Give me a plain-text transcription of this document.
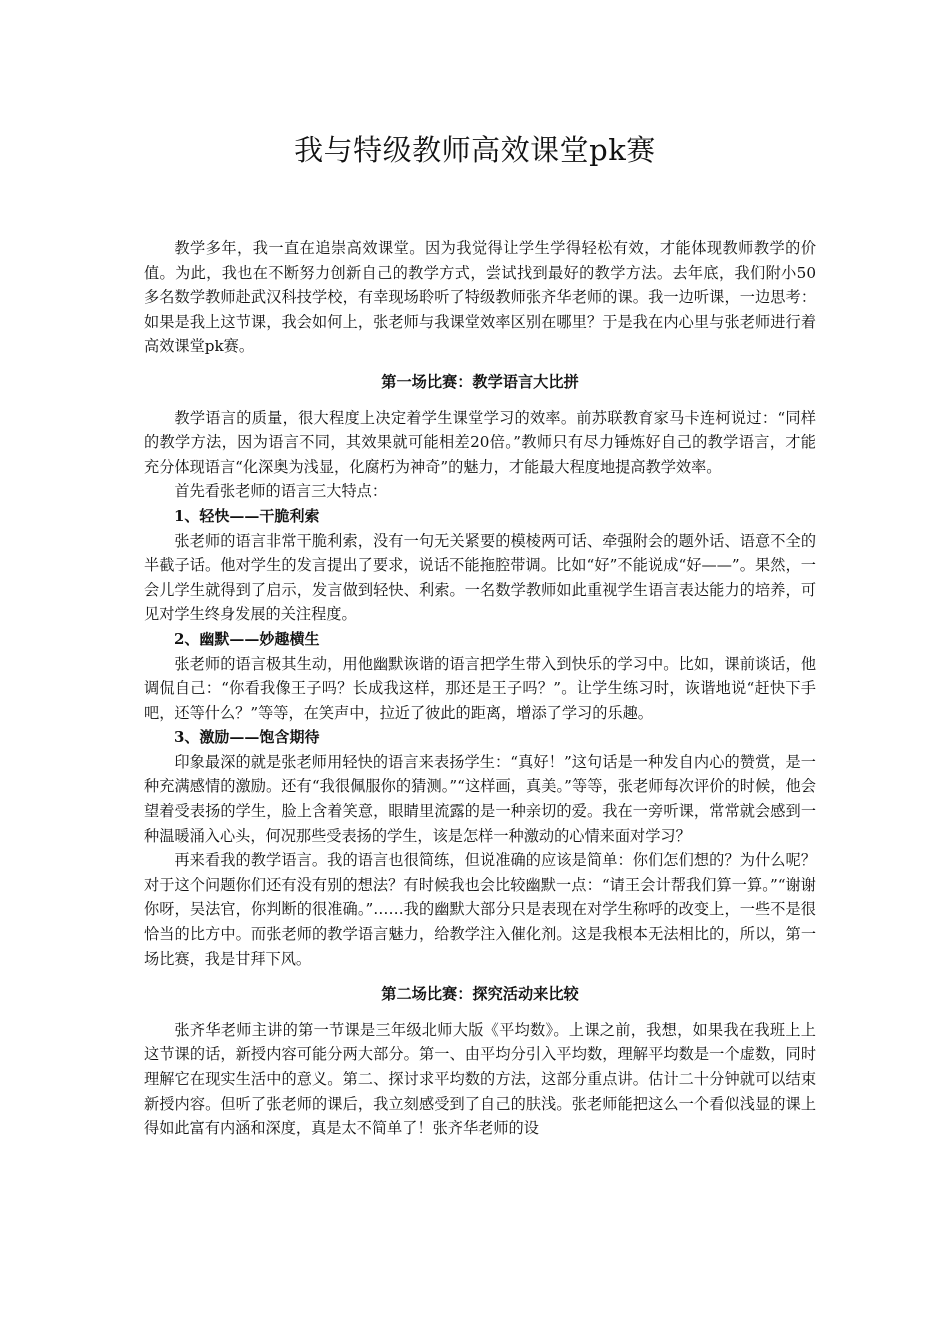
我与特级教师高效课堂pk赛

教学多年，我一直在追崇高效课堂。因为我觉得让学生学得轻松有效，才能体现教师教学的价值。为此，我也在不断努力创新自己的教学方式，尝试找到最好的教学方法。去年底，我们附小50多名数学教师赴武汉科技学校，有幸现场聆听了特级教师张齐华老师的课。我一边听课，一边思考：如果是我上这节课，我会如何上，张老师与我课堂效率区别在哪里？于是我在内心里与张老师进行着高效课堂pk赛。

第一场比赛：教学语言大比拼

教学语言的质量，很大程度上决定着学生课堂学习的效率。前苏联教育家马卡连柯说过：“同样的教学方法，因为语言不同，其效果就可能相差20倍。”教师只有尽力锤炼好自己的教学语言，才能充分体现语言“化深奥为浅显，化腐朽为神奇”的魅力，才能最大程度地提高教学效率。

首先看张老师的语言三大特点：

1、轻快——干脆利索

张老师的语言非常干脆利索，没有一句无关紧要的模棱两可话、牵强附会的题外话、语意不全的半截子话。他对学生的发言提出了要求，说话不能拖腔带调。比如“好”不能说成“好——”。果然，一会儿学生就得到了启示，发言做到轻快、利索。一名数学教师如此重视学生语言表达能力的培养，可见对学生终身发展的关注程度。

2、幽默——妙趣横生

张老师的语言极其生动，用他幽默诙谐的语言把学生带入到快乐的学习中。比如，课前谈话，他调侃自己：“你看我像王子吗？长成我这样，那还是王子吗？”。让学生练习时，诙谐地说“赶快下手吧，还等什么？”等等，在笑声中，拉近了彼此的距离，增添了学习的乐趣。

3、激励——饱含期待

印象最深的就是张老师用轻快的语言来表扬学生：“真好！”这句话是一种发自内心的赞赏，是一种充满感情的激励。还有“我很佩服你的猜测。”“这样画，真美。”等等，张老师每次评价的时候，他会望着受表扬的学生，脸上含着笑意，眼睛里流露的是一种亲切的爱。我在一旁听课，常常就会感到一种温暖涌入心头，何况那些受表扬的学生，该是怎样一种激动的心情来面对学习？

再来看我的教学语言。我的语言也很简练，但说准确的应该是简单：你们怎们想的？为什么呢？对于这个问题你们还有没有别的想法？有时候我也会比较幽默一点：“请王会计帮我们算一算。”“谢谢你呀，吴法官，你判断的很准确。”……我的幽默大部分只是表现在对学生称呼的改变上，一些不是很恰当的比方中。而张老师的教学语言魅力，给教学注入催化剂。这是我根本无法相比的，所以，第一场比赛，我是甘拜下风。

第二场比赛：探究活动来比较

张齐华老师主讲的第一节课是三年级北师大版《平均数》。上课之前，我想，如果我在我班上上这节课的话，新授内容可能分两大部分。第一、由平均分引入平均数，理解平均数是一个虚数，同时理解它在现实生活中的意义。第二、探讨求平均数的方法，这部分重点讲。估计二十分钟就可以结束新授内容。但听了张老师的课后，我立刻感受到了自己的肤浅。张老师能把这么一个看似浅显的课上得如此富有内涵和深度，真是太不简单了！张齐华老师的设
